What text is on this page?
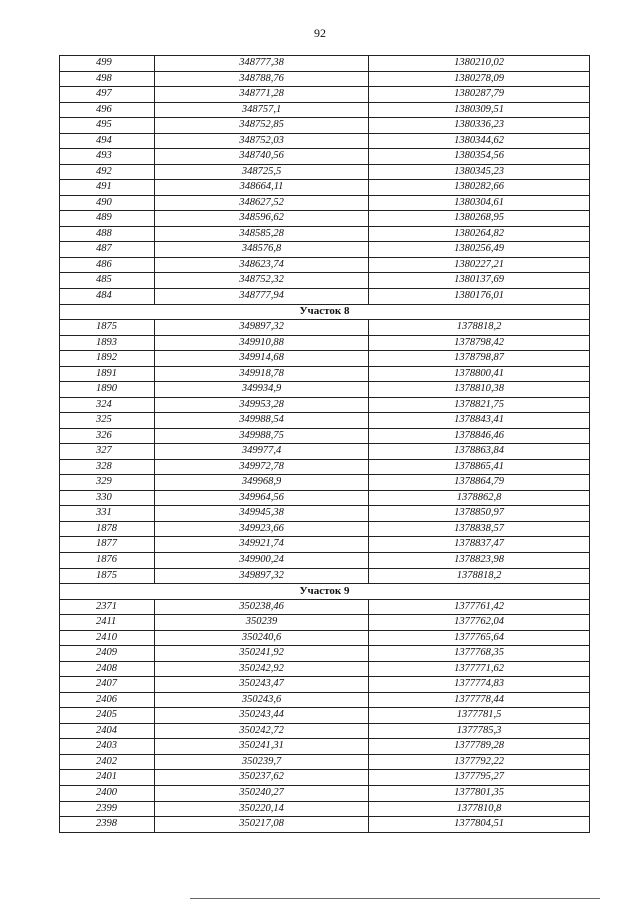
92
499	348777,38	1380210,02
498	348788,76	1380278,09
497	348771,28	1380287,79
496	348757,1	1380309,51
495	348752,85	1380336,23
494	348752,03	1380344,62
493	348740,56	1380354,56
492	348725,5	1380345,23
491	348664,11	1380282,66
490	348627,52	1380304,61
489	348596,62	1380268,95
488	348585,28	1380264,82
487	348576,8	1380256,49
486	348623,74	1380227,21
485	348752,32	1380137,69
484	348777,94	1380176,01
Участок 8		
1875	349897,32	1378818,2
1893	349910,88	1378798,42
1892	349914,68	1378798,87
1891	349918,78	1378800,41
1890	349934,9	1378810,38
324	349953,28	1378821,75
325	349988,54	1378843,41
326	349988,75	1378846,46
327	349977,4	1378863,84
328	349972,78	1378865,41
329	349968,9	1378864,79
330	349964,56	1378862,8
331	349945,38	1378850,97
1878	349923,66	1378838,57
1877	349921,74	1378837,47
1876	349900,24	1378823,98
1875	349897,32	1378818,2
Участок 9		
2371	350238,46	1377761,42
2411	350239	1377762,04
2410	350240,6	1377765,64
2409	350241,92	1377768,35
2408	350242,92	1377771,62
2407	350243,47	1377774,83
2406	350243,6	1377778,44
2405	350243,44	1377781,5
2404	350242,72	1377785,3
2403	350241,31	1377789,28
2402	350239,7	1377792,22
2401	350237,62	1377795,27
2400	350240,27	1377801,35
2399	350220,14	1377810,8
2398	350217,08	1377804,51
